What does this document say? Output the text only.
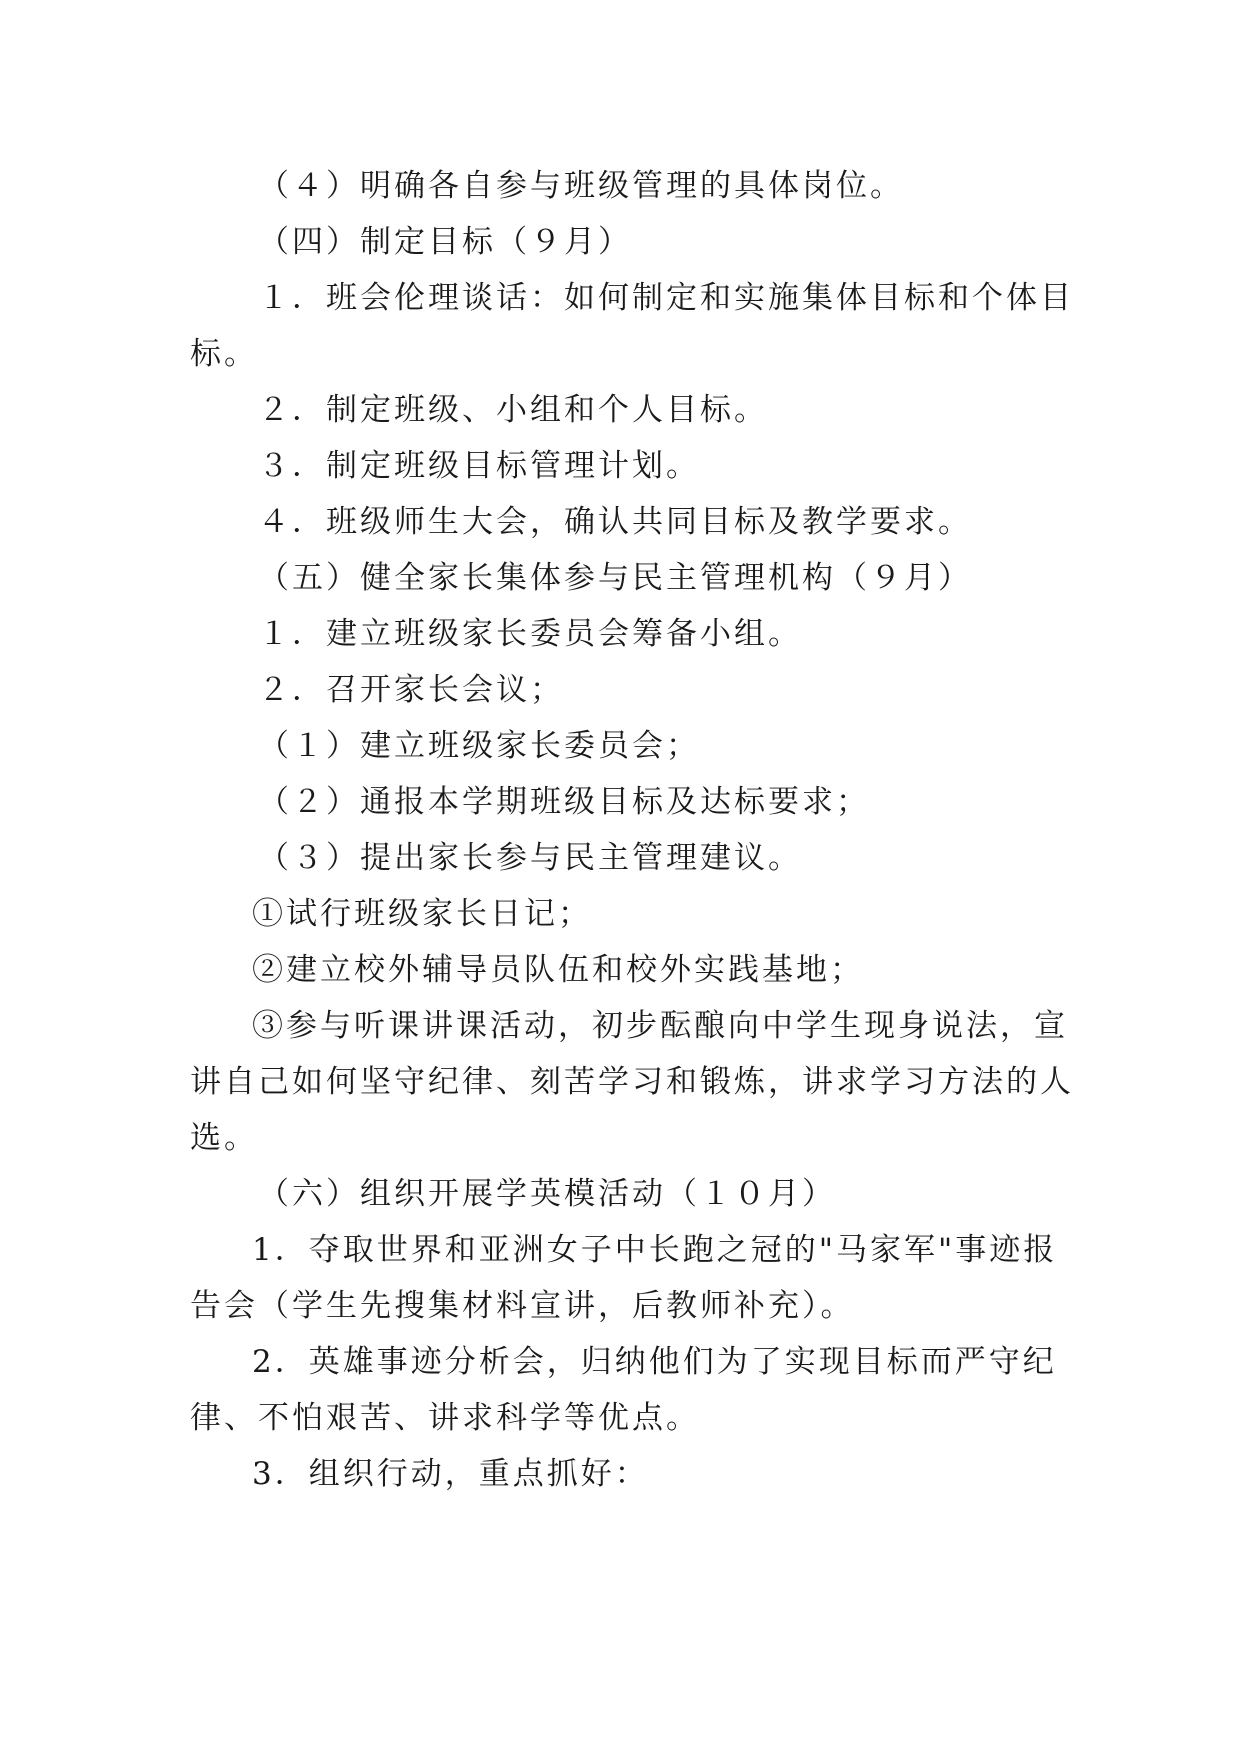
（４）明确各自参与班级管理的具体岗位。
（四）制定目标（９月）
１．班会伦理谈话：如何制定和实施集体目标和个体目
标。
２．制定班级、小组和个人目标。
３．制定班级目标管理计划。
４．班级师生大会，确认共同目标及教学要求。
（五）健全家长集体参与民主管理机构（９月）
１．建立班级家长委员会筹备小组。
２．召开家长会议；
（１）建立班级家长委员会；
（２）通报本学期班级目标及达标要求；
（３）提出家长参与民主管理建议。
①试行班级家长日记；
②建立校外辅导员队伍和校外实践基地；
③参与听课讲课活动，初步酝酿向中学生现身说法，宣
讲自己如何坚守纪律、刻苦学习和锻炼，讲求学习方法的人
选。
（六）组织开展学英模活动（１０月）
1．夺取世界和亚洲女子中长跑之冠的"马家军"事迹报
告会（学生先搜集材料宣讲，后教师补充）。
2．英雄事迹分析会，归纳他们为了实现目标而严守纪
律、不怕艰苦、讲求科学等优点。
3．组织行动，重点抓好：
